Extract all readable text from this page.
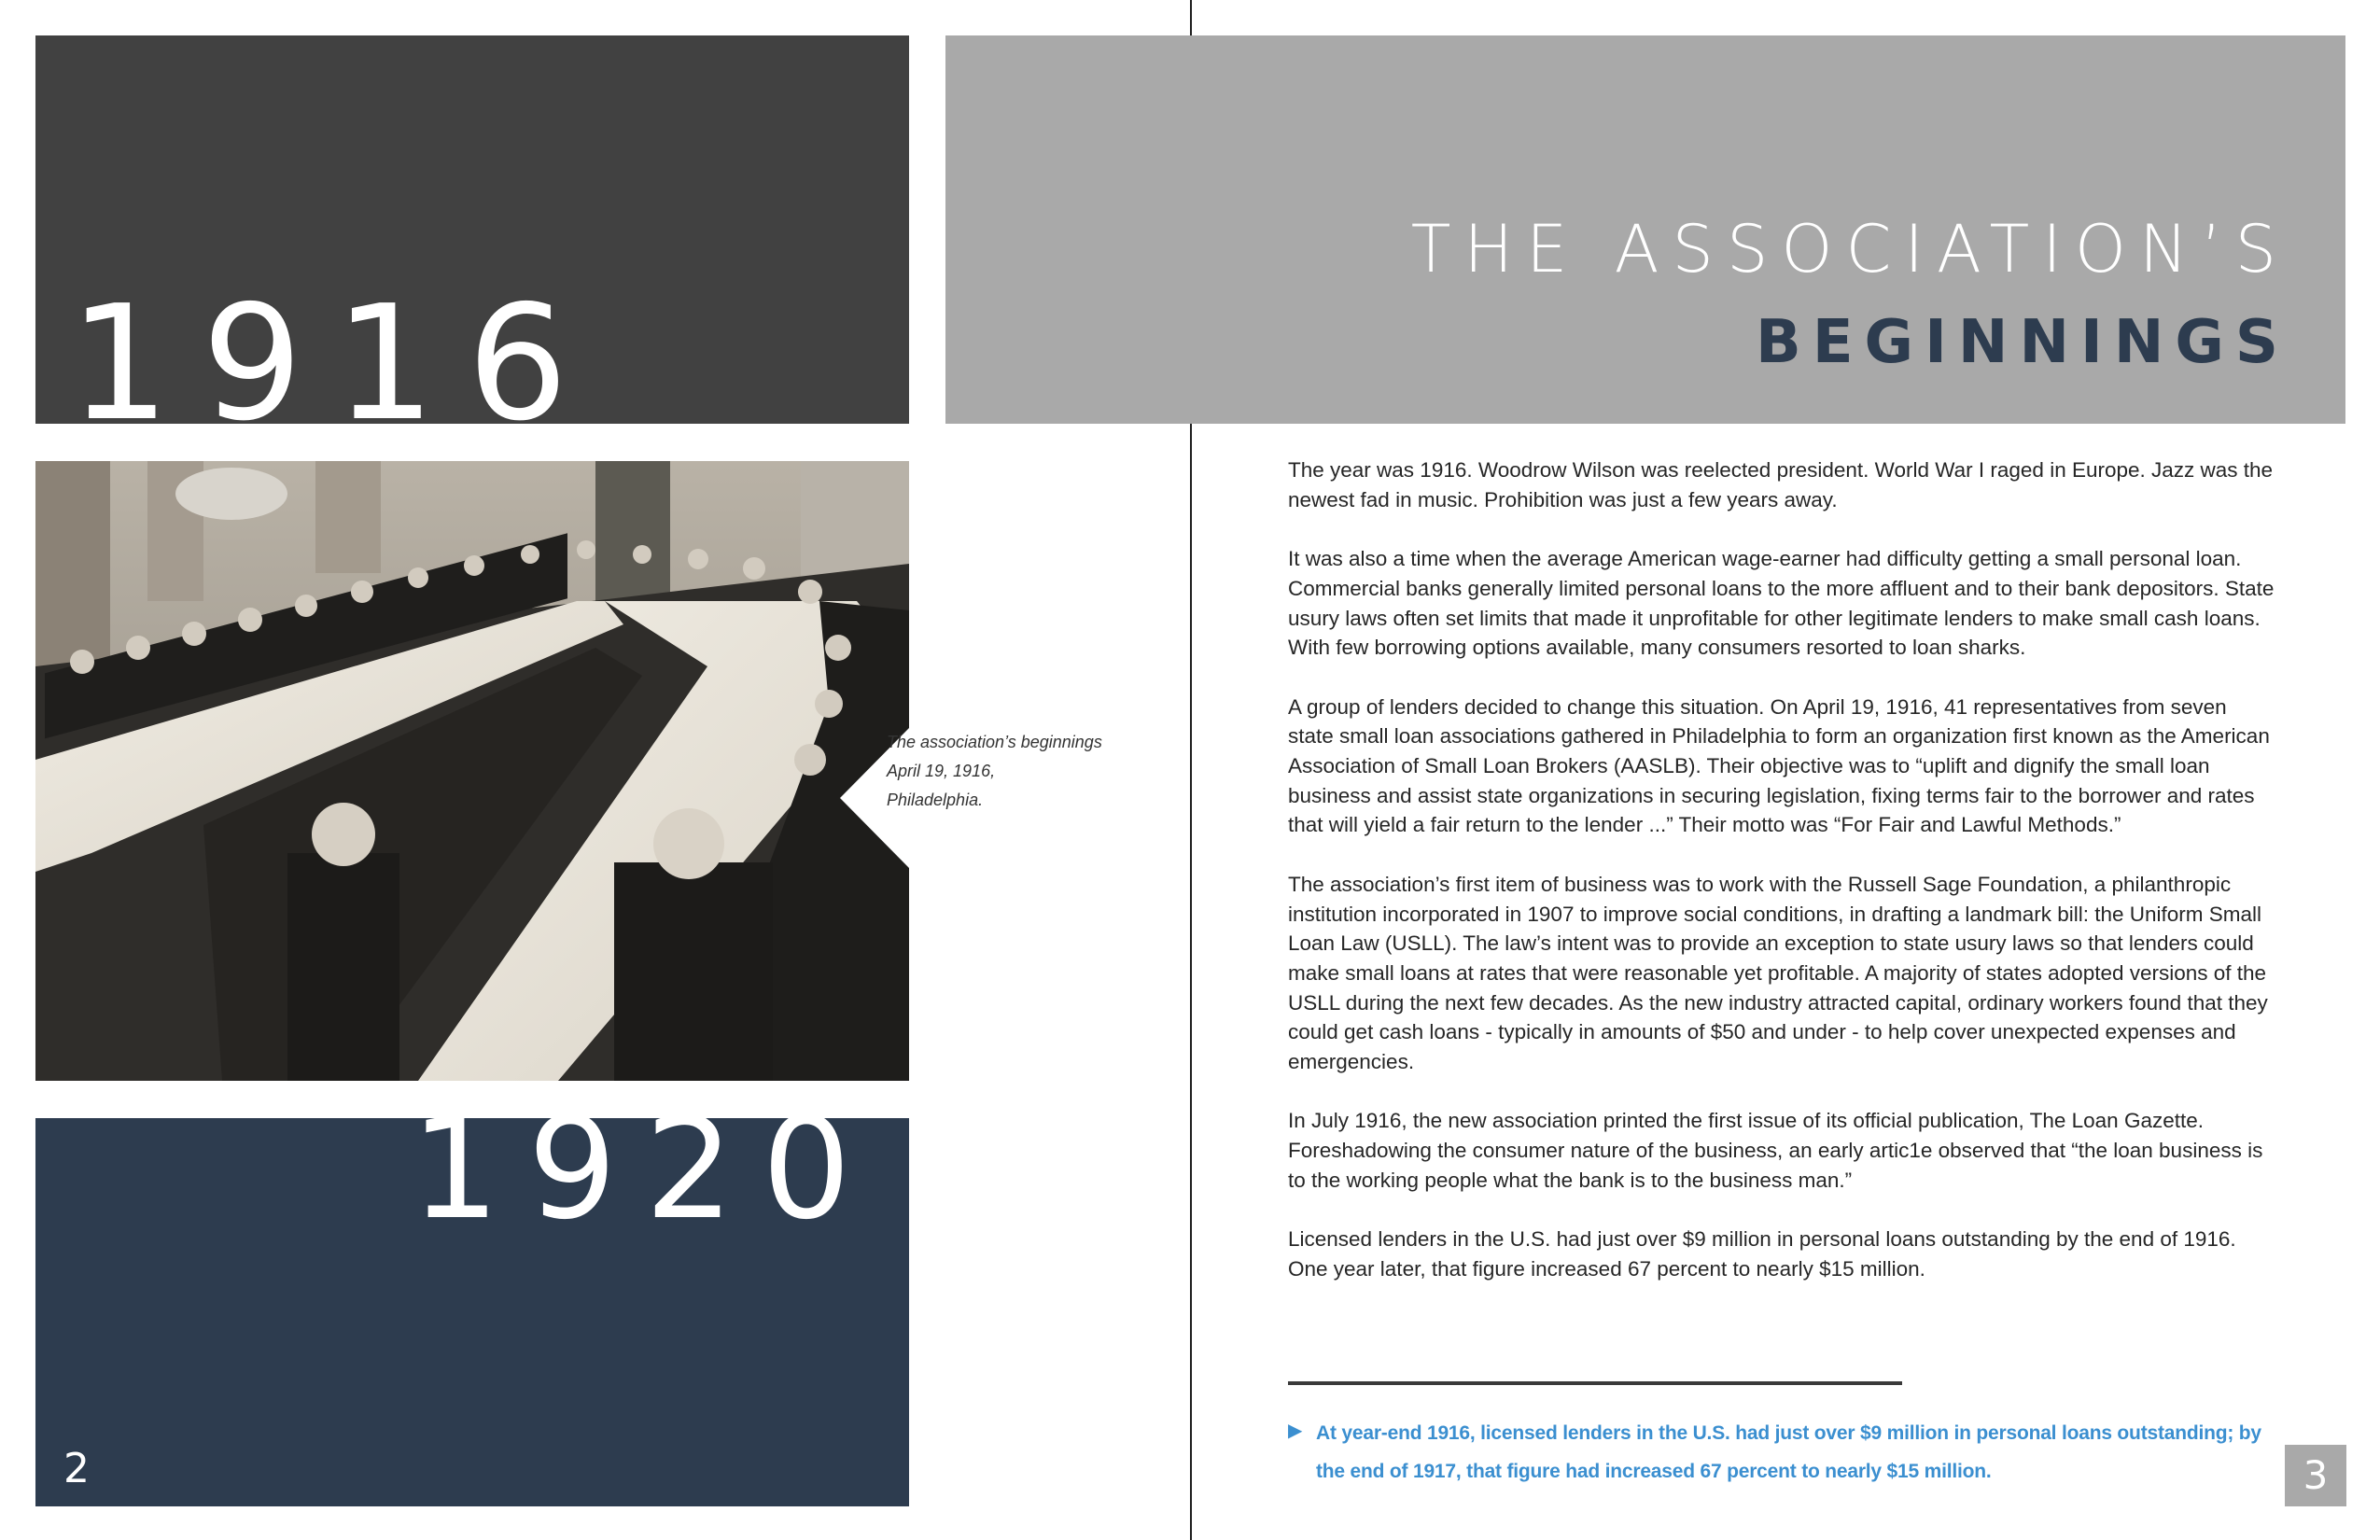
1916
The association’s beginnings
April 19, 1916,
Philadelphia.
1920
2
THE ASSOCIATION’S
BEGINNINGS

The year was 1916. Woodrow Wilson was reelected president. World War I raged in Europe. Jazz was the newest fad in music. Prohibition was just a few years away.

It was also a time when the average American wage-earner had difficulty getting a small personal loan. Commercial banks generally limited personal loans to the more affluent and to their bank depositors. State usury laws often set limits that made it unprofitable for other legitimate lenders to make small cash loans. With few borrowing options available, many consumers resorted to loan sharks.

A group of lenders decided to change this situation. On April 19, 1916, 41 representatives from seven state small loan associations gathered in Philadelphia to form an organization first known as the American Association of Small Loan Brokers (AASLB). Their objective was to “uplift and dignify the small loan business and assist state organizations in securing legislation, fixing terms fair to the borrower and rates that will yield a fair return to the lender ...” Their motto was “For Fair and Lawful Methods.”

The association’s first item of business was to work with the Russell Sage Foundation, a philanthropic institution incorporated in 1907 to improve social conditions, in drafting a landmark bill: the Uniform Small Loan Law (USLL). The law’s intent was to provide an exception to state usury laws so that lenders could make small loans at rates that were reasonable yet profitable. A majority of states adopted versions of the USLL during the next few decades. As the new industry attracted capital, ordinary workers found that they could get cash loans - typically in amounts of $50 and under - to help cover unexpected expenses and emergencies.

In July 1916, the new association printed the first issue of its official publication, The Loan Gazette. Foreshadowing the consumer nature of the business, an early artic1e observed that “the loan business is to the working people what the bank is to the business man.”

Licensed lenders in the U.S. had just over $9 million in personal loans outstanding by the end of 1916. One year later, that figure increased 67 percent to nearly $15 million.

▶ At year-end 1916, licensed lenders in the U.S. had just over $9 million in personal loans outstanding; by the end of 1917, that figure had increased 67 percent to nearly $15 million.	3
